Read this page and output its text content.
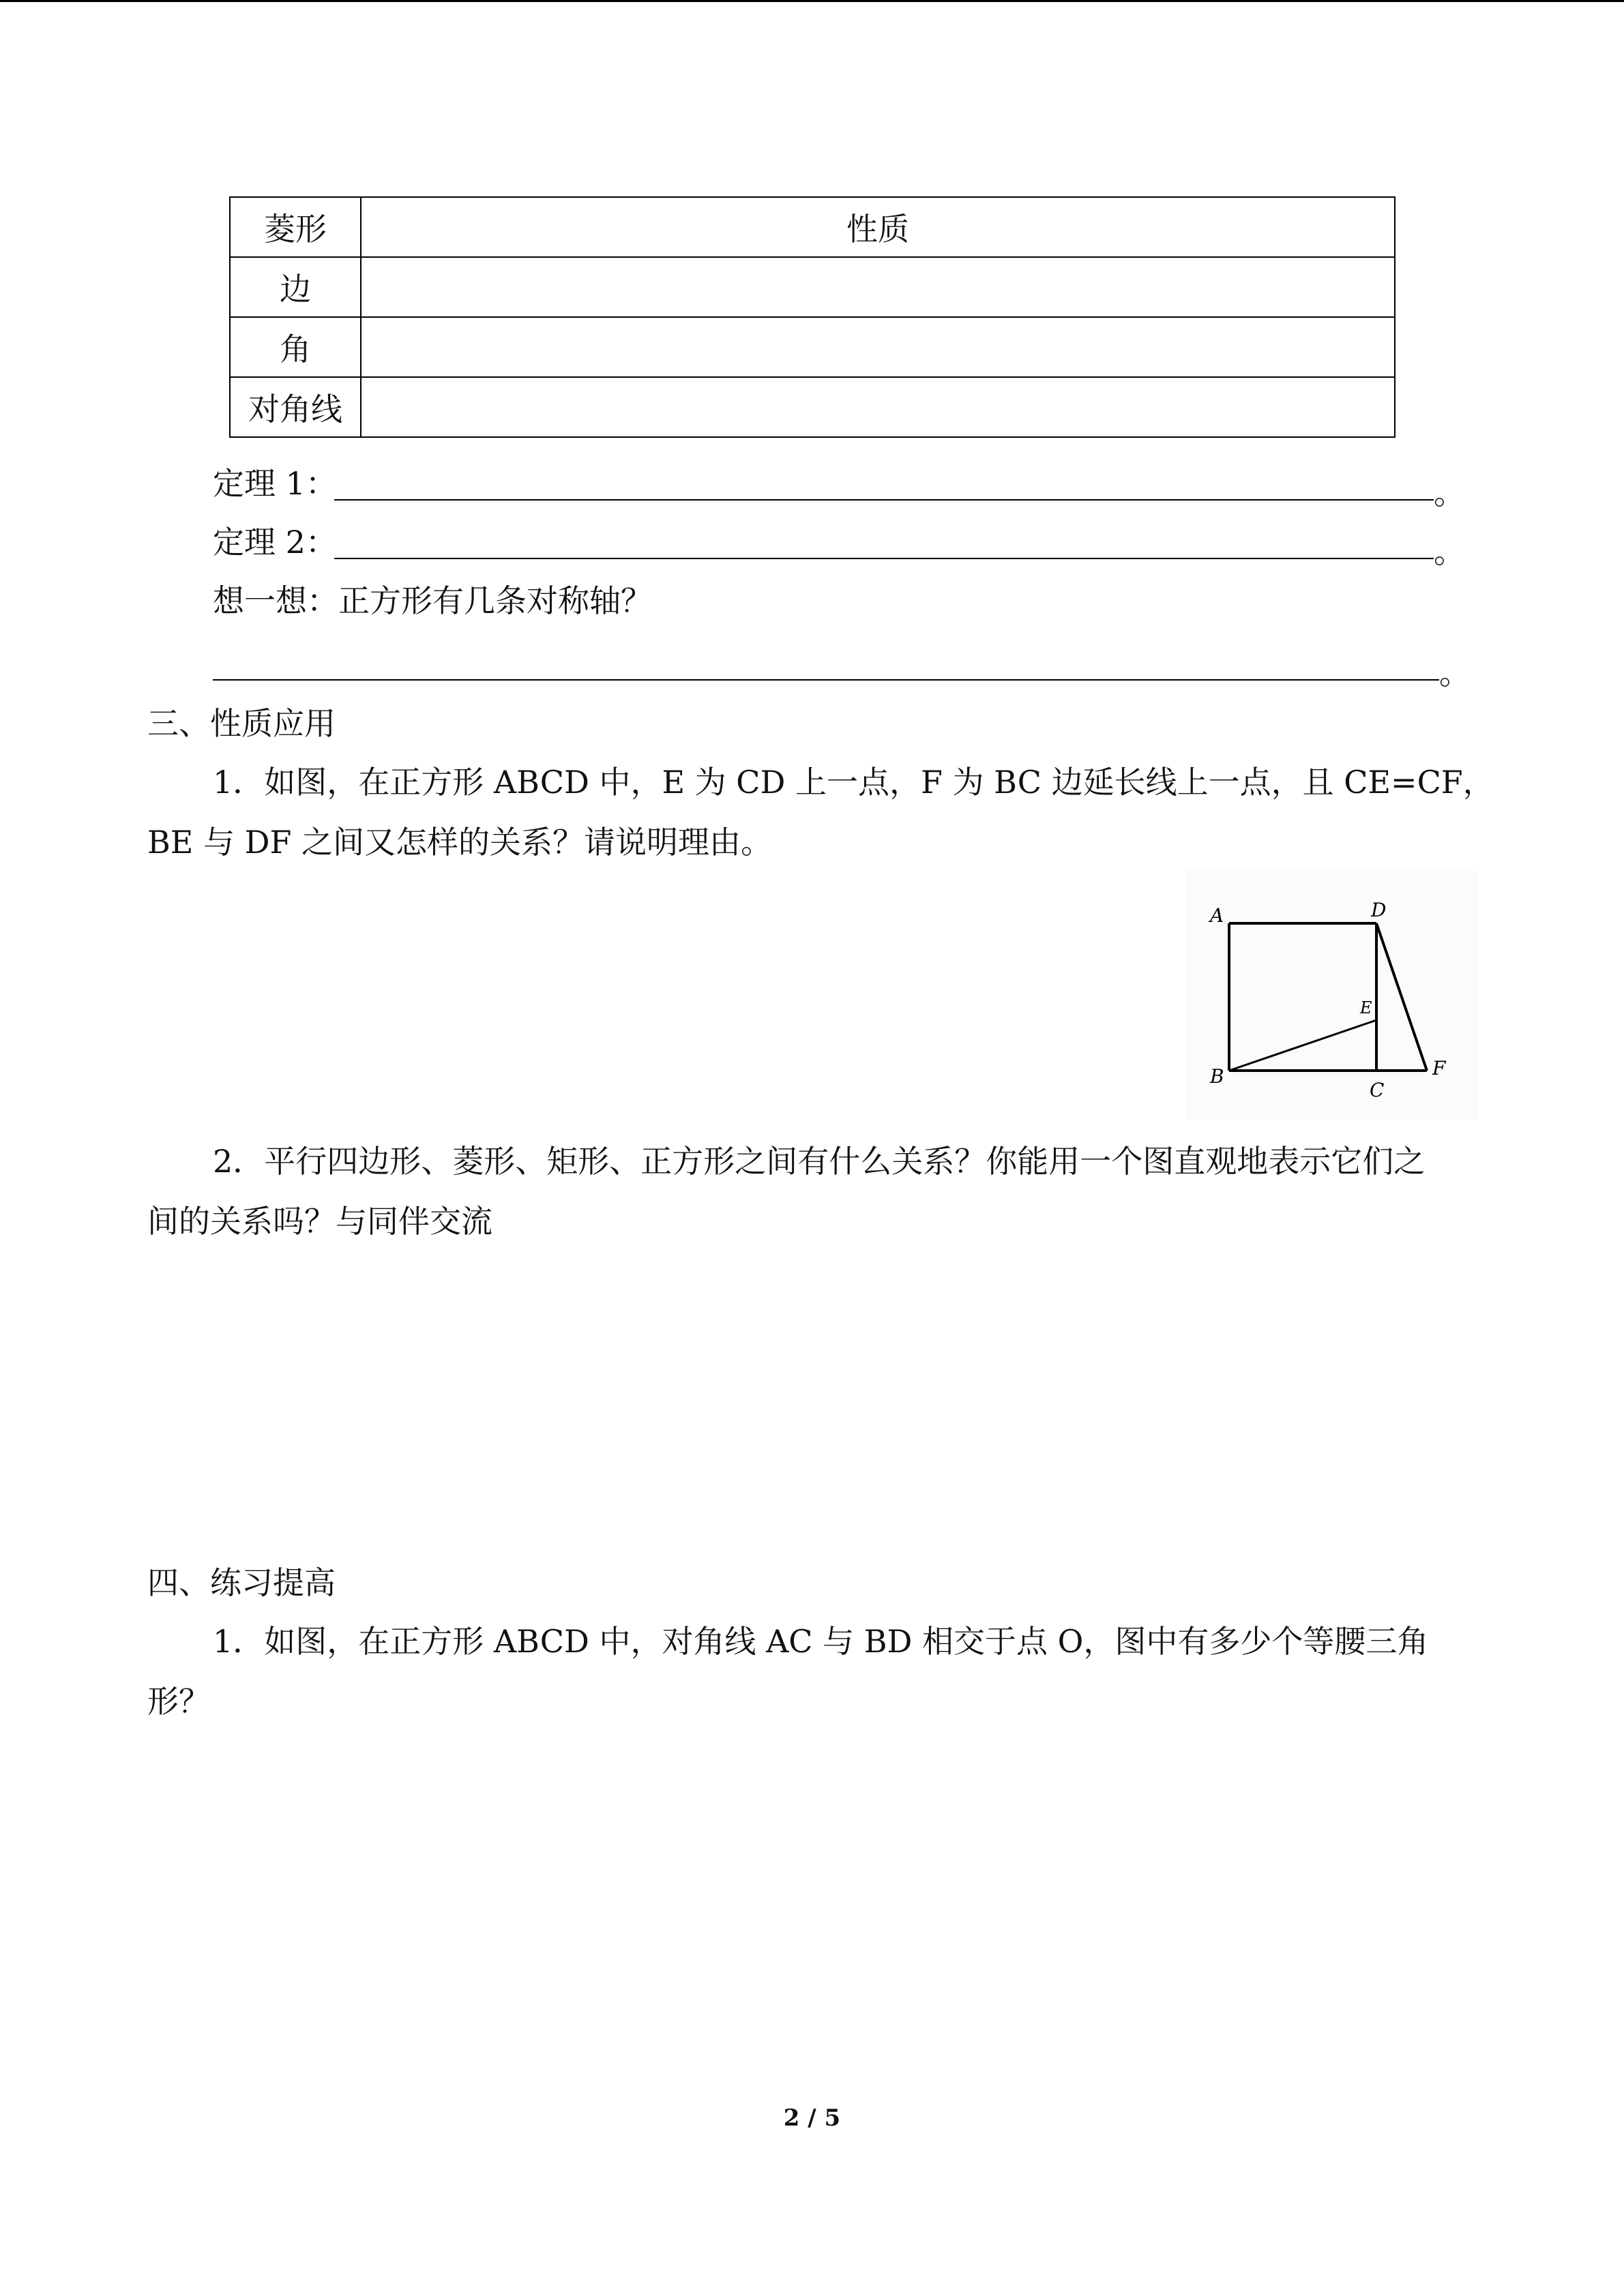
菱形	性质
边	
角	
对角线	
定理 1：	。
定理 2：	。
想一想：正方形有几条对称轴？
。
三、性质应用
1．如图，在正方形 ABCD 中，E 为 CD 上一点，F 为 BC 边延长线上一点，且 CE=CF，
BE 与 DF 之间又怎样的关系？请说明理由。
A	D
E
B
C
F
2．平行四边形、菱形、矩形、正方形之间有什么关系？你能用一个图直观地表示它们之
间的关系吗？与同伴交流
四、练习提高
1．如图，在正方形 ABCD 中，对角线 AC 与 BD 相交于点 O，图中有多少个等腰三角
形？
2 / 5
